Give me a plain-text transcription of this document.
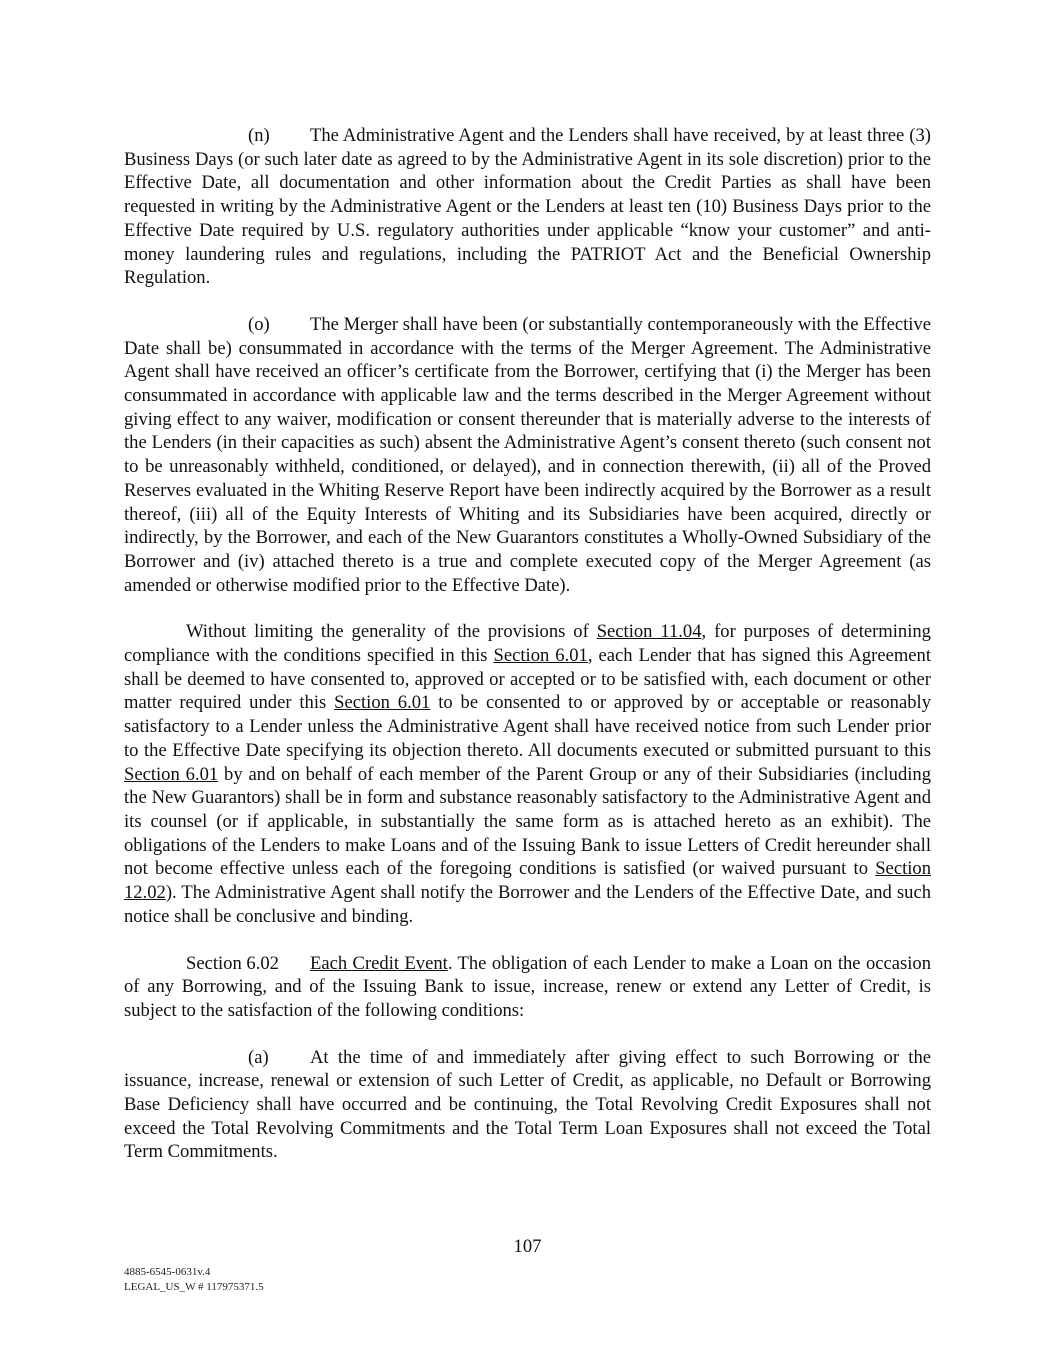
(n) The Administrative Agent and the Lenders shall have received, by at least three (3) Business Days (or such later date as agreed to by the Administrative Agent in its sole discretion) prior to the Effective Date, all documentation and other information about the Credit Parties as shall have been requested in writing by the Administrative Agent or the Lenders at least ten (10) Business Days prior to the Effective Date required by U.S. regulatory authorities under applicable “know your customer” and anti-money laundering rules and regulations, including the PATRIOT Act and the Beneficial Ownership Regulation.

(o) The Merger shall have been (or substantially contemporaneously with the Effective Date shall be) consummated in accordance with the terms of the Merger Agreement. The Administrative Agent shall have received an officer’s certificate from the Borrower, certifying that (i) the Merger has been consummated in accordance with applicable law and the terms described in the Merger Agreement without giving effect to any waiver, modification or consent thereunder that is materially adverse to the interests of the Lenders (in their capacities as such) absent the Administrative Agent’s consent thereto (such consent not to be unreasonably withheld, conditioned, or delayed), and in connection therewith, (ii) all of the Proved Reserves evaluated in the Whiting Reserve Report have been indirectly acquired by the Borrower as a result thereof, (iii) all of the Equity Interests of Whiting and its Subsidiaries have been acquired, directly or indirectly, by the Borrower, and each of the New Guarantors constitutes a Wholly-Owned Subsidiary of the Borrower and (iv) attached thereto is a true and complete executed copy of the Merger Agreement (as amended or otherwise modified prior to the Effective Date).

Without limiting the generality of the provisions of Section 11.04, for purposes of determining compliance with the conditions specified in this Section 6.01, each Lender that has signed this Agreement shall be deemed to have consented to, approved or accepted or to be satisfied with, each document or other matter required under this Section 6.01 to be consented to or approved by or acceptable or reasonably satisfactory to a Lender unless the Administrative Agent shall have received notice from such Lender prior to the Effective Date specifying its objection thereto. All documents executed or submitted pursuant to this Section 6.01 by and on behalf of each member of the Parent Group or any of their Subsidiaries (including the New Guarantors) shall be in form and substance reasonably satisfactory to the Administrative Agent and its counsel (or if applicable, in substantially the same form as is attached hereto as an exhibit). The obligations of the Lenders to make Loans and of the Issuing Bank to issue Letters of Credit hereunder shall not become effective unless each of the foregoing conditions is satisfied (or waived pursuant to Section 12.02). The Administrative Agent shall notify the Borrower and the Lenders of the Effective Date, and such notice shall be conclusive and binding.

Section 6.02 Each Credit Event. The obligation of each Lender to make a Loan on the occasion of any Borrowing, and of the Issuing Bank to issue, increase, renew or extend any Letter of Credit, is subject to the satisfaction of the following conditions:

(a) At the time of and immediately after giving effect to such Borrowing or the issuance, increase, renewal or extension of such Letter of Credit, as applicable, no Default or Borrowing Base Deficiency shall have occurred and be continuing, the Total Revolving Credit Exposures shall not exceed the Total Revolving Commitments and the Total Term Loan Exposures shall not exceed the Total Term Commitments.

107
4885-6545-0631v.4
LEGAL_US_W # 117975371.5
